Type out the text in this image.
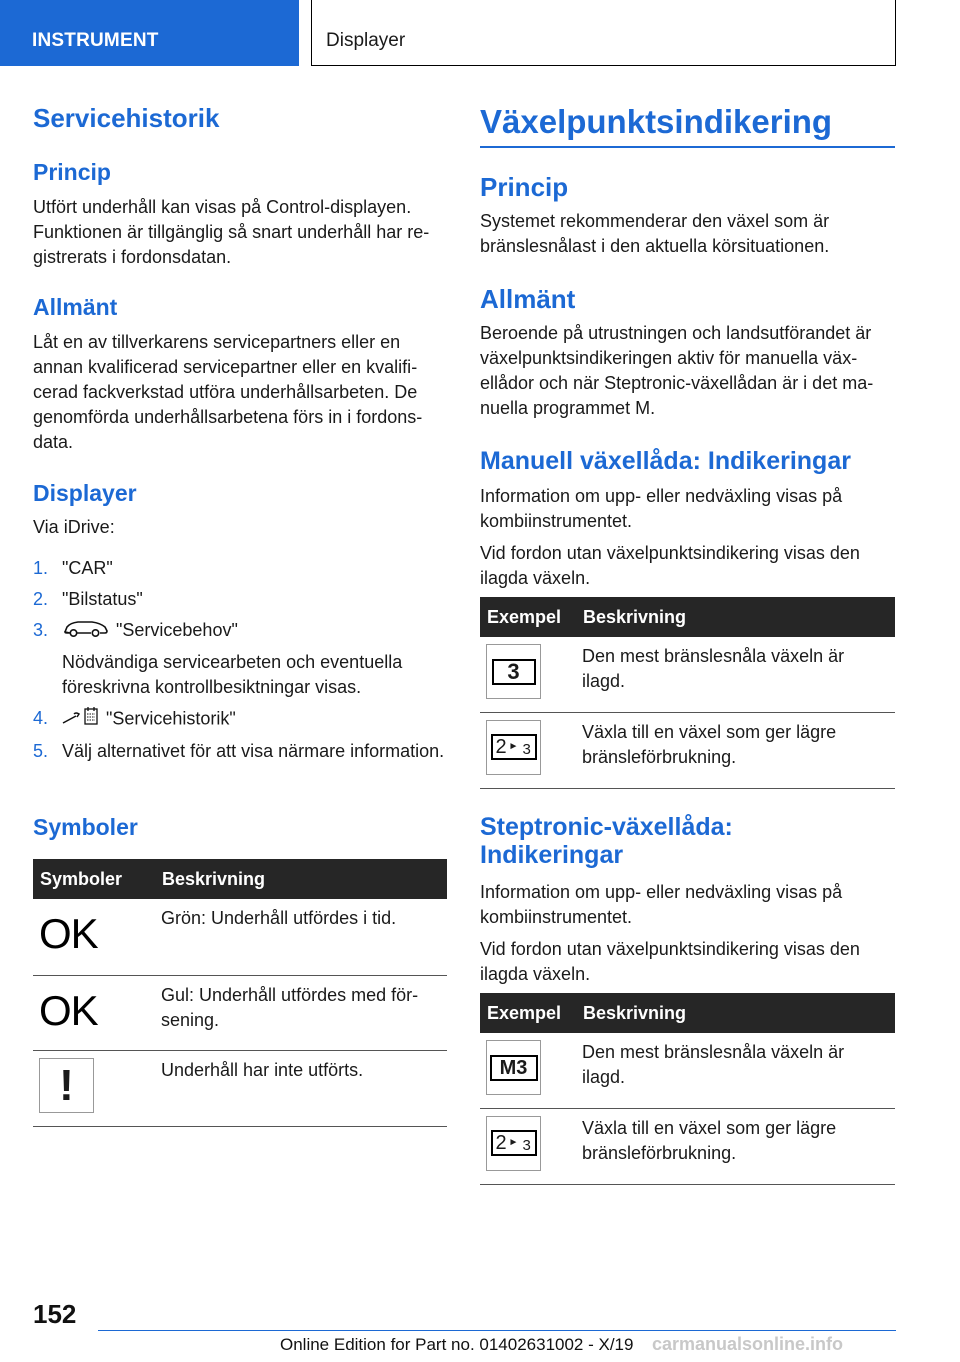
INSTRUMENT	Displayer
Servicehistorik
Princip

Utfört underhåll kan visas på Control-displayen. Funktionen är tillgänglig så snart underhåll har registrerats i fordonsdatan.

Allmänt

Låt en av tillverkarens servicepartners eller en annan kvalificerad servicepartner eller en kvalificerad fackverkstad utföra underhållsarbeten. De genomförda underhållsarbetena förs in i fordonsdata.

Displayer

Via iDrive:

1. "CAR"
2. "Bilstatus"
3.	"Servicebehov"
Nödvändiga servicearbeten och eventuella föreskrivna kontrollbesiktningar visas.
4.	"Servicehistorik"
5. Välj alternativet för att visa närmare information.
Symboler
Symboler	Beskrivning

OK	Grön: Underhåll utfördes i tid.

OK	Gul: Underhåll utfördes med försening.

!	Underhåll har inte utförts.
Växelpunktsindikering
Princip

Systemet rekommenderar den växel som är bränslesnålast i den aktuella körsituationen.

Allmänt

Beroende på utrustningen och landsutförandet är växelpunktsindikeringen aktiv för manuella växellådor och när Steptronic-växellådan är i det manuella programmet M.

Manuell växellåda: Indikeringar

Information om upp- eller nedväxling visas på kombiinstrumentet.

Vid fordon utan växelpunktsindikering visas den ilagda växeln.

Exempel	Beskrivning

3	Den mest bränslesnåla växeln är ilagd.

2 ► 3	Växla till en växel som ger lägre bränsleförbrukning.
Steptronic-växellåda:
Indikeringar

Information om upp- eller nedväxling visas på kombiinstrumentet.

Vid fordon utan växelpunktsindikering visas den ilagda växeln.

Exempel	Beskrivning

M3	Den mest bränslesnåla växeln är ilagd.

2 ► 3	Växla till en växel som ger lägre bränsleförbrukning.
152
Online Edition for Part no. 01402631002 - X/19 carmanualsonline.info
